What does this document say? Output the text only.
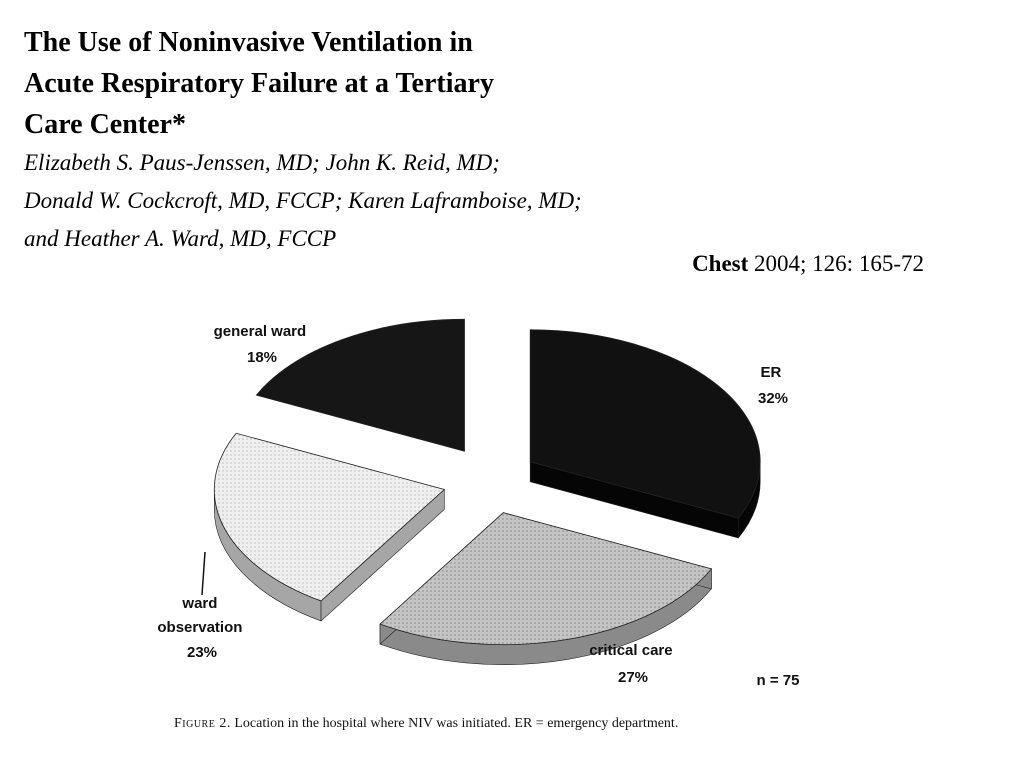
The Use of Noninvasive Ventilation in
Acute Respiratory Failure at a Tertiary
Care Center*
Elizabeth S. Paus-Jenssen, MD; John K. Reid, MD;
Donald W. Cockcroft, MD, FCCP; Karen Laframboise, MD;
and Heather A. Ward, MD, FCCP
Chest 2004; 126: 165-72
general ward 18%
ER 32%
ward observation 23%	critical care 27%	n = 75
Figure 2. Location in the hospital where NIV was initiated. ER = emergency department.
